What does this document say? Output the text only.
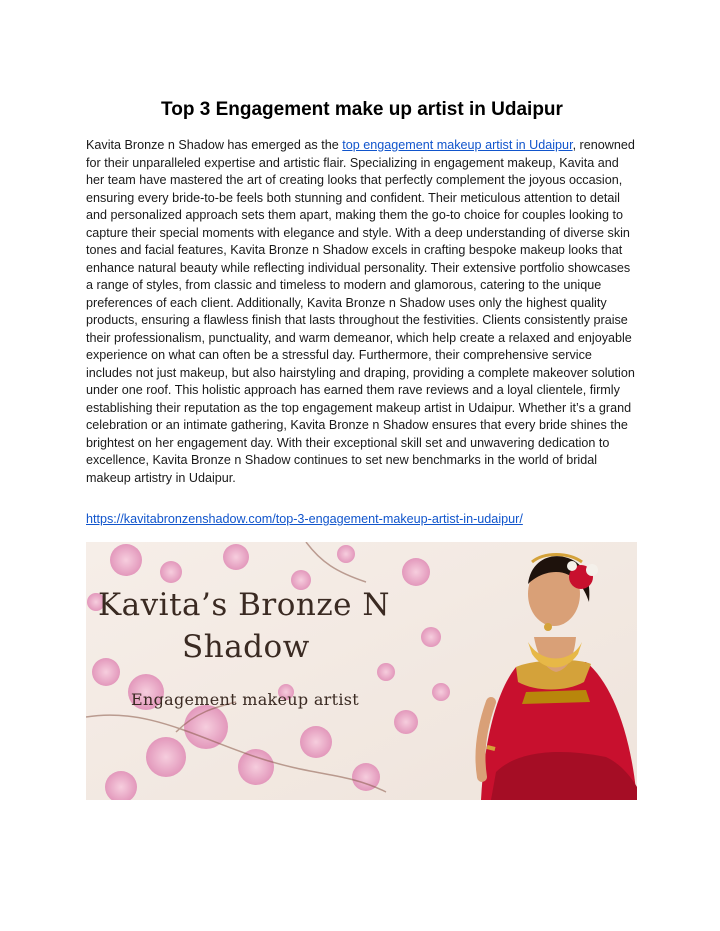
Top 3 Engagement make up artist in Udaipur

Kavita Bronze n Shadow has emerged as the top engagement makeup artist in Udaipur, renowned for their unparalleled expertise and artistic flair. Specializing in engagement makeup, Kavita and her team have mastered the art of creating looks that perfectly complement the joyous occasion, ensuring every bride-to-be feels both stunning and confident. Their meticulous attention to detail and personalized approach sets them apart, making them the go-to choice for couples looking to capture their special moments with elegance and style. With a deep understanding of diverse skin tones and facial features, Kavita Bronze n Shadow excels in crafting bespoke makeup looks that enhance natural beauty while reflecting individual personality. Their extensive portfolio showcases a range of styles, from classic and timeless to modern and glamorous, catering to the unique preferences of each client. Additionally, Kavita Bronze n Shadow uses only the highest quality products, ensuring a flawless finish that lasts throughout the festivities. Clients consistently praise their professionalism, punctuality, and warm demeanor, which help create a relaxed and enjoyable experience on what can often be a stressful day. Furthermore, their comprehensive service includes not just makeup, but also hairstyling and draping, providing a complete makeover solution under one roof. This holistic approach has earned them rave reviews and a loyal clientele, firmly establishing their reputation as the top engagement makeup artist in Udaipur. Whether it’s a grand celebration or an intimate gathering, Kavita Bronze n Shadow ensures that every bride shines the brightest on her engagement day. With their exceptional skill set and unwavering dedication to excellence, Kavita Bronze n Shadow continues to set new benchmarks in the world of bridal makeup artistry in Udaipur.

https://kavitabronzenshadow.com/top-3-engagement-makeup-artist-in-udaipur/

Kavita’s Bronze N
Shadow
Engagement makeup artist
